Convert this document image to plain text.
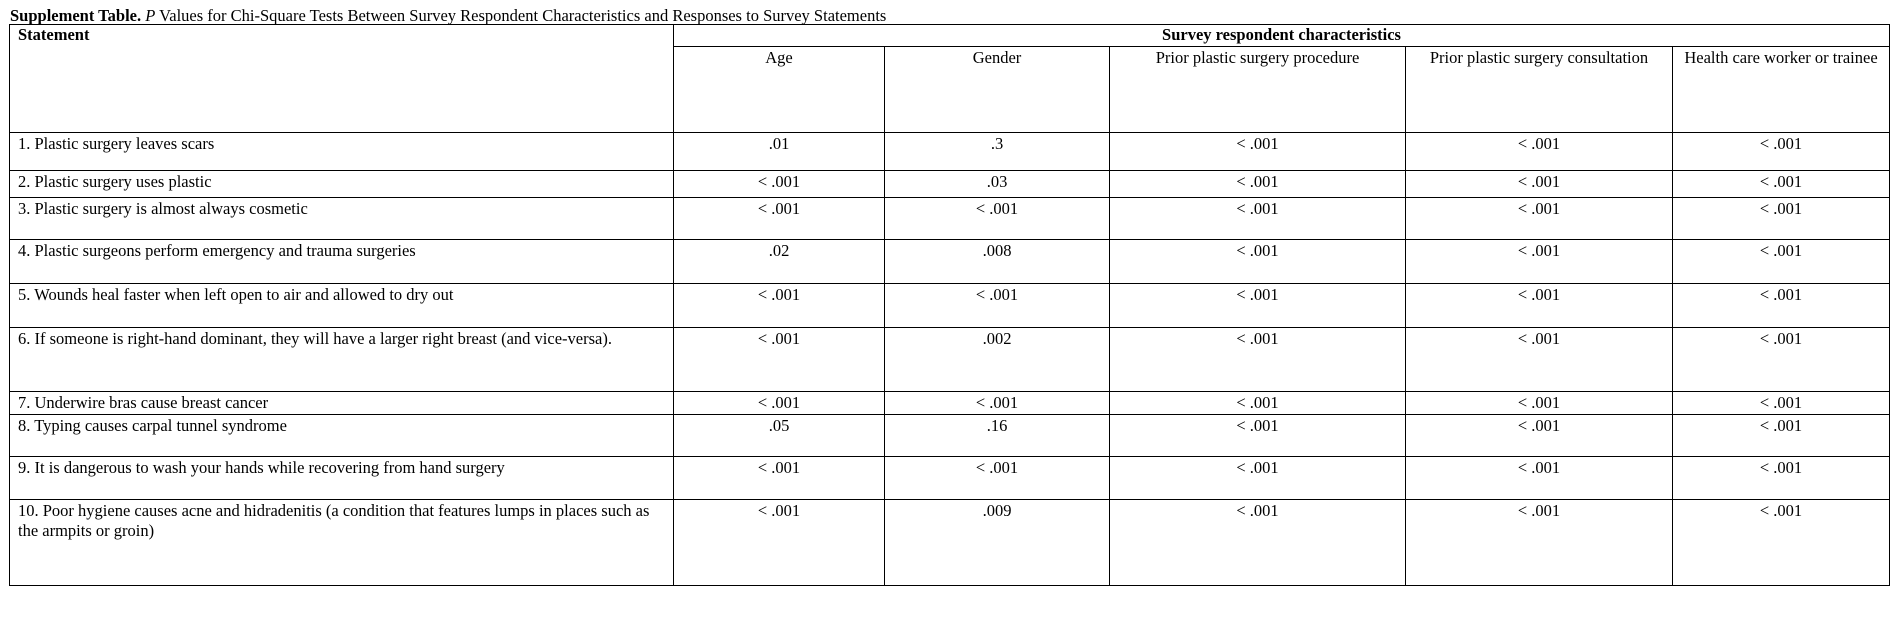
Supplement Table. P Values for Chi-Square Tests Between Survey Respondent Characteristics and Responses to Survey Statements
Statement	Survey respondent characteristics				
	Age	Gender	Prior plastic surgery procedure	Prior plastic surgery consultation	Health care worker or trainee
1. Plastic surgery leaves scars	.01	.3	< .001	< .001	< .001
2. Plastic surgery uses plastic	< .001	.03	< .001	< .001	< .001
3. Plastic surgery is almost always cosmetic	< .001	< .001	< .001	< .001	< .001
4. Plastic surgeons perform emergency and trauma surgeries	.02	.008	< .001	< .001	< .001
5. Wounds heal faster when left open to air and allowed to dry out	< .001	< .001	< .001	< .001	< .001
6. If someone is right-hand dominant, they will have a larger right breast (and vice-versa).	< .001	.002	< .001	< .001	< .001
7. Underwire bras cause breast cancer	< .001	< .001	< .001	< .001	< .001
8. Typing causes carpal tunnel syndrome	.05	.16	< .001	< .001	< .001
9. It is dangerous to wash your hands while recovering from hand surgery	< .001	< .001	< .001	< .001	< .001
10. Poor hygiene causes acne and hidradenitis (a condition that features lumps in places such as the armpits or groin)	< .001	.009	< .001	< .001	< .001
